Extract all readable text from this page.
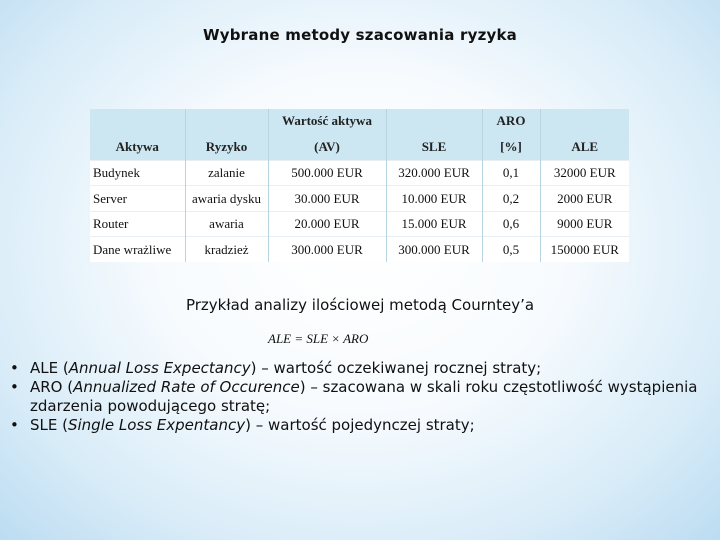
Wybrane metody szacowania ryzyka
		Wartość aktywa		ARO	
Aktywa	Ryzyko	(AV)	SLE	[%]	ALE
Budynek	zalanie	500.000 EUR	320.000 EUR	0,1	32000 EUR
Server	awaria dysku	30.000 EUR	10.000 EUR	0,2	2000 EUR
Router	awaria	20.000 EUR	15.000 EUR	0,6	9000 EUR
Dane wrażliwe	kradzież	300.000 EUR	300.000 EUR	0,5	150000 EUR
Przykład analizy ilościowej metodą Courntey’a
ALE = SLE × ARO
• ALE (Annual Loss Expectancy) – wartość oczekiwanej rocznej straty;
• ARO (Annualized Rate of Occurence) – szacowana w skali roku częstotliwość wystąpienia zdarzenia powodującego stratę;
• SLE (Single Loss Expentancy) – wartość pojedynczej straty;
